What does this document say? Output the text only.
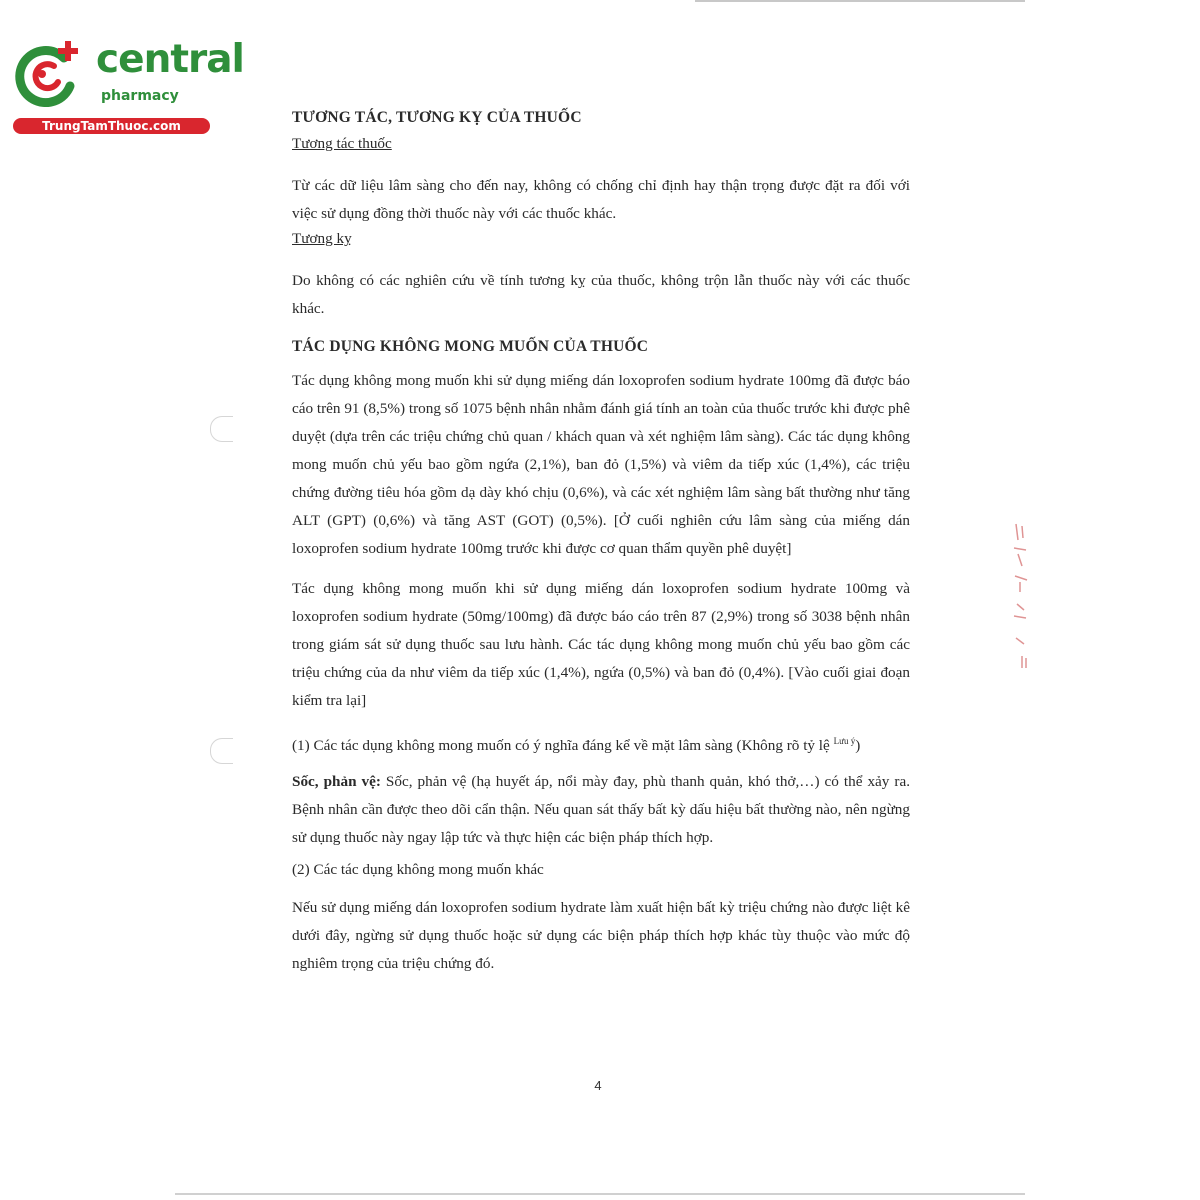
central
pharmacy
TrungTamThuoc.com	TƯƠNG TÁC, TƯƠNG KỴ CỦA THUỐC

Tương tác thuốc

Từ các dữ liệu lâm sàng cho đến nay, không có chống chỉ định hay thận trọng được đặt ra đối với việc sử dụng đồng thời thuốc này với các thuốc khác.

Tương kỵ

Do không có các nghiên cứu về tính tương kỵ của thuốc, không trộn lẫn thuốc này với các thuốc khác.

TÁC DỤNG KHÔNG MONG MUỐN CỦA THUỐC

Tác dụng không mong muốn khi sử dụng miếng dán loxoprofen sodium hydrate 100mg đã được báo cáo trên 91 (8,5%) trong số 1075 bệnh nhân nhằm đánh giá tính an toàn của thuốc trước khi được phê duyệt (dựa trên các triệu chứng chủ quan / khách quan và xét nghiệm lâm sàng). Các tác dụng không mong muốn chủ yếu bao gồm ngứa (2,1%), ban đỏ (1,5%) và viêm da tiếp xúc (1,4%), các triệu chứng đường tiêu hóa gồm dạ dày khó chịu (0,6%), và các xét nghiệm lâm sàng bất thường như tăng ALT (GPT) (0,6%) và tăng AST (GOT) (0,5%). [Ở cuối nghiên cứu lâm sàng của miếng dán loxoprofen sodium hydrate 100mg trước khi được cơ quan thẩm quyền phê duyệt]

Tác dụng không mong muốn khi sử dụng miếng dán loxoprofen sodium hydrate 100mg và loxoprofen sodium hydrate (50mg/100mg) đã được báo cáo trên 87 (2,9%) trong số 3038 bệnh nhân trong giám sát sử dụng thuốc sau lưu hành. Các tác dụng không mong muốn chủ yếu bao gồm các triệu chứng của da như viêm da tiếp xúc (1,4%), ngứa (0,5%) và ban đỏ (0,4%). [Vào cuối giai đoạn kiểm tra lại]

(1) Các tác dụng không mong muốn có ý nghĩa đáng kể về mặt lâm sàng (Không rõ tỷ lệ $^{Lưu ý}$)

Sốc, phản vệ: Sốc, phản vệ (hạ huyết áp, nổi mày đay, phù thanh quản, khó thở,…) có thể xảy ra. Bệnh nhân cần được theo dõi cẩn thận. Nếu quan sát thấy bất kỳ dấu hiệu bất thường nào, nên ngừng sử dụng thuốc này ngay lập tức và thực hiện các biện pháp thích hợp.

(2) Các tác dụng không mong muốn khác

Nếu sử dụng miếng dán loxoprofen sodium hydrate làm xuất hiện bất kỳ triệu chứng nào được liệt kê dưới đây, ngừng sử dụng thuốc hoặc sử dụng các biện pháp thích hợp khác tùy thuộc vào mức độ nghiêm trọng của triệu chứng đó.

4
